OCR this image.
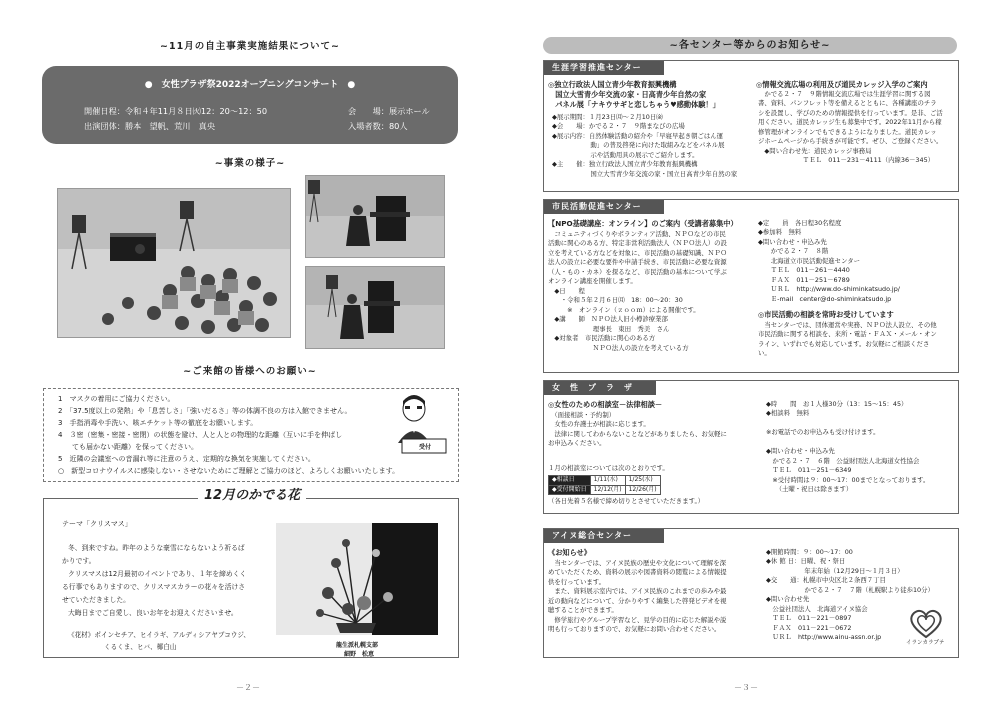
~11月の自主事業実施結果について~
●　女性プラザ祭2022オープニングコンサート　●
開催日程：令和４年11月８日㈫12：20～12：50	会　　場：展示ホール
出演団体：勝本　望帆、荒川　真央	入場者数：80人
~事業の様子~
~ご来館の皆様へのお願い~
1　マスクの着用にご協力ください。
2　「37.5度以上の発熱」や「息苦しさ」「強いだるさ」等の体調不良の方は入館できません。
3　手指消毒や手洗い、咳エチケット等の徹底をお願いします。
4　３密（密集・密接・密閉）の状態を避け、人と人との物理的な距離（互いに手を伸ばし
　　ても届かない距離）を保ってください。
5　近隣の会議室への音漏れ等に注意のうえ、定期的な換気を実施してください。
○　新型コロナウイルスに感染しない・させないためにご理解とご協力のほど、よろしくお願いいたします。
受付
12月のかでる花
テーマ「クリスマス」
冬、到来ですね。昨年のような豪雪にならないよう祈るば
かりです。
クリスマスは12月最初のイベントであり、１年を締めくく
る行事でもありますので、クリスマスカラーの花々を活けさ
せていただきました。
大晦日までご自愛し、良いお年をお迎えくださいませ。
《花材》ポインセチア、ヒイラギ、アルディシアヤブコウジ、
くるくま、ヒバ、椰白山	龍生派札幌支部
細野　松恵
－２－
~各センター等からのお知らせ~
生涯学習推進センター
◎独立行政法人国立青少年教育振興機構
　国立大雪青少年交流の家・日高青少年自然の家
　パネル展「ナキウサギと恋しちゃう♥感動体験！」
◆展示期間：１月23日㈪～２月10日㈮
◆会　　場：かでる２・７　９階まなびの広場
◆展示内容：自然体験活動の紹介や「早寝早起き朝ごはん運
　　　　　　動」の普及啓発に向けた取組みなどをパネル展
　　　　　　示や活動用具の展示でご紹介します。
◆主　　催：独立行政法人国立青少年教育振興機構
　　　　　　国立大雪青少年交流の家・国立日高青少年自然の家
◎情報交流広場の利用及び道民カレッジ入学のご案内
　かでる２・７　９階情報交流広場では生涯学習に関する図
書、資料、パンフレット等を備えるとともに、各種講座のチラ
シを設置し、学びのための情報提供を行っています。是非、ご活
用ください。道民カレッジ生も募集中です。2022年11月から稼
修管理がオンラインでもできるようになりました。道民カレッ
ジホームページから手続きが可能です。ぜひ、ご登録ください。
　◆問い合わせ先：道民カレッジ事務局
　　　　　　　ＴＥＬ　011－231－4111（内線36－345）
市民活動促進センター
【NPO基礎講座：オンライン】のご案内（受講者募集中）
　コミュニティづくりやボランティア活動、ＮＰＯなどの市民
活動に関心のある方、特定非営利活動法人（ＮＰＯ法人）の設
立を考えている方などを対象に、市民活動の基礎知識、ＮＰＯ
法人の設立に必要な要件や申請手続き、市民活動に必要な資源
（人・もの・カネ）を探るなど、市民活動の基本について学ぶ
オンライン講座を開催します。
　◆日　　程
　　・令和５年２月６日㈪　18：00～20：30
　　　※　オンライン（ｚｏｏｍ）による開催です。
　◆講　　師　ＮＰＯ法人旧小樽診療業部
　　　　　　　理事長　東田　秀美　さん
　◆対象者　市民活動に関心のある方
　　　　　　　ＮＰＯ法人の設立を考えている方
◆定　　員　各日程30名程度
◆参加料　無料
◆問い合わせ・申込み先
　　かでる２・７　８階
　　北海道立市民活動促進センター
　　ＴＥＬ　011－261－4440
　　ＦＡＸ　011－251－6789
　　ＵＲＬ　http://www.do-shiminkatsudo.jp/
　　Ｅ-mail　center@do-shiminkatsudo.jp
◎市民活動の相談を常時お受けしています
　当センターでは、団体運営や実務、ＮＰＯ法人設立、その他
市民活動に関する相談を、来所・電話・ＦＡＸ・メール・オン
ライン、いずれでも対応しています。お気軽にご相談くださ
い。
女　性　プ　ラ　ザ
◎女性のための相談室－法律相談－
　（面接相談・予約制）
　女性の弁護士が相談に応じます。
　法律に関してわからないことなどがありましたら、お気軽に
お申込みください。
１月の相談室については次のとおりです。
◆相談日	1/11(水)	1/25(水)
◆受付開始日	12/12(月)	12/26(月)
（各日先着５名様で締め切りとさせていただきます。）
◆時　　間　お１人様30分（13：15～15：45）
◆相談料　無料

※お電話でのお申込みも受け付けます。

◆問い合わせ・申込み先
　かでる２・７　６階　公益財団法人北海道女性協会
　ＴＥＬ　011－251－6349
　※受付時間は９：00～17：00までとなっております。
　　（土曜・祝日は除きます）
アイヌ総合センター
《お知らせ》
　当センターでは、アイヌ民族の歴史や文化について理解を深
めていただくため、資料の展示や図書資料の閲覧による情報提
供を行っています。
　また、資料展示室内では、アイヌ民族のこれまでの歩みや最
近の動向などについて、分かりやすく編集した啓発ビデオを視
聴することができます。
　修学旅行やグループ学習など、見学の目的に応じた解説や説
明も行っておりますので、お気軽にお問い合わせください。
◆開館時間：９：00～17：00
◆休 館 日：日曜、祝・祭日
　　　　　　年末年始（12月29日～１月３日）
◆交　　通：札幌市中央区北２条西７丁目
　　　　　　かでる２・７　７階（札幌駅より徒歩10分）
◆問い合わせ先
　公益社団法人　北海道アイヌ協会
　ＴＥＬ　011－221－0897
　ＦＡＸ　011－221－0672
　ＵＲＬ　http://www.ainu-assn.or.jp
イランカラプテ
－３－
